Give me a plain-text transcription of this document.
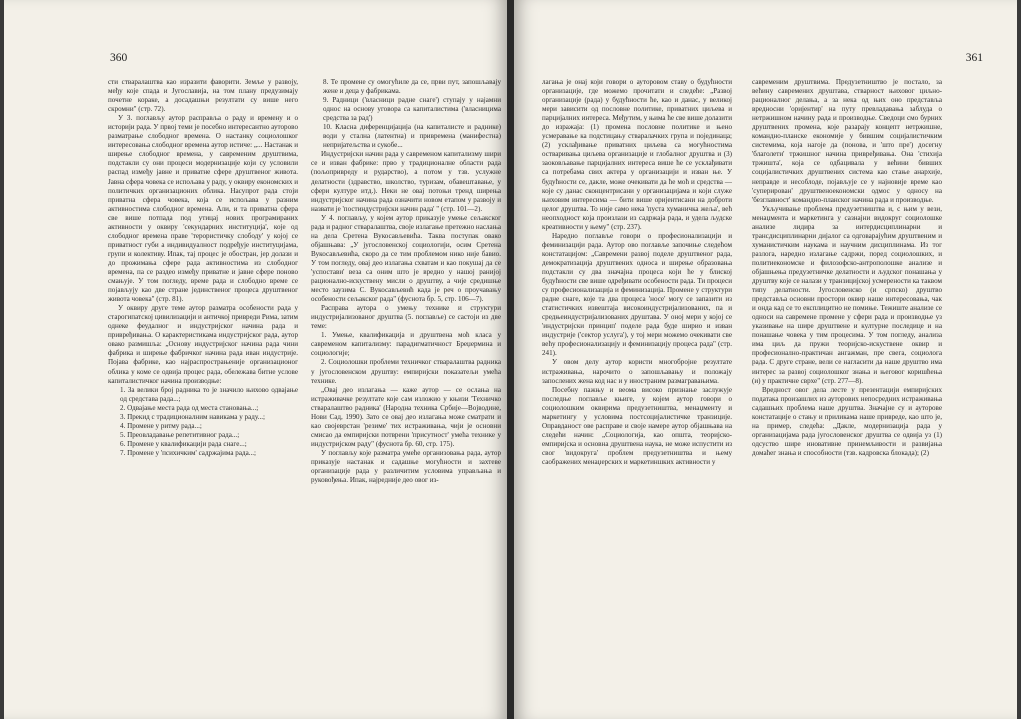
360

сти стваралаштва као изразити фаворити. Земље у развоју, међу које спада и Југославија, на том плану предузимају почетне кораке, а досадашњи резултати су више него скромни" (стр. 72).

У 3. поглављу аутор расправља о раду и времену и о историји рада. У првој теми је посебно интересантно ауторово разматрање слободног времена. О настанку социолошког интересовања слободног времена аутор истиче: „... Настанак и ширење слободног времена, у савременим друштвима, подстакли су они процеси модернизације који су условили распад између јавне и приватне сфере друштвеног живота. Јавна сфера човека се испољава у раду, у оквиру економских и политичких организационих облика. Насупрот рада стоји приватна сфера човека, која се испољава у разним активностима слободног времена. Али, и та приватна сфера све више потпада под утицај нових програмираних активности у оквиру 'секундарних институција', које од слободног времена праве 'терористичку слободу' у којој се приватност губи а индивидуалност подређује институцијама, групи и колективу. Ипак, тај процес је обостран, јер долази и до прожимања сфере рада активностима из слободног времена, па се раздео између приватне и јавне сфере поново смањује. У том погледу, време рада и слободно време се појављују као две стране јединственог процеса друштвеног живота човека" (стр. 81).

У оквиру друге теме аутор разматра особености рада у старогипатској цивилизацији и античкој привреди Рима, затим однеке феудалног и индустријског начина рада и привређивања. О карактеристикама индустријског рада, аутор овако размишља: „Основу индустријског начина рада чини фабрика и ширење фабричког начина рада иван индустрије. Појава фабрике, као најраспрострањеније организационог облика у коме се одвија процес рада, обележава битне услове капиталистичког начина производње:

1. За велики број радника то је значило њихово одвајање од средстава рада...;
2. Одвајање места рада од места становања...;
3. Прекид с традиционалним навикама у раду...;
4. Промене у ритму рада...;
5. Преовладавање репетитивног рада...;
6. Промене у квалификацији рада снаге...;
7. Промене у 'психичким' садржајима рада...;
8. Те промене су омогућиле да се, први пут, запошљавају жене и деца у фабрикама.
9. Радници ('власници радне снаге') ступају у најамни однос на основу уговора са капиталистима ('власницима средства за рад')
10. Класна диференцијација (на капиталисте и раднике) води у стална (латентна) и привремена (манифестна) непријатељства и сукобе...

Индустријски начин рада у савременом капитализму шири се и изван фабрике: прво у традиционалне области рада (пољопривреду и рударство), а потом у тзв. услужне делатности (здравство, школство, туризам, обавештавање, у сфери културе итд.). Неки не овај потоњи тренд ширења индустријског начина рада означити новом етапом у развоју и назвати је 'постиндустријски начин рада' " (стр. 101—2).

У 4. поглављу, у којем аутор приказује умење сељакског рада и радног стваралаштва, своје излагање претежно наслања на дела Сретена Вукосављевића. Таква поступак овако објашњава: „У југословенској социологији, осим Сретена Вукосављевића, скоро да се тим проблемом нико није бавио. У том погледу, овај део излагања схватам и као покушај да се 'успостави' веза са оним што је вредно у нашој ранијој рационално-искуствену мисли о друштву, а чије средишње место заузима С. Вукосављевић када је реч о проучавању особености сељакског рада" (фуснота бр. 5, стр. 106—7).

Расправа аутора о умењу технике и структури индустријализованог друштва (5. поглавље) се састоји из две теме:

1. Умење, квалификација и друштвена моћ класа у савременом капитализму: парадигматичност Бреџермина и социологије;

2. Социолошки проблеми техничког стваралаштва радника у југословенском друштву: емпиријски показатељи умећа технике.

„Овај део излагања — каже аутор — се ослања на истраживачке резултате које сам изложио у књизи 'Техничко стваралаштво радника' (Народна техника Србије—Војводине, Нови Сад, 1990). Зато се овај део излагања може сматрати и као својеврстан 'резиме' тих истраживања, чији је основни смисао да емпиријски потврени 'присутност' умећа технике у индустријском раду" (фуснота бр. 60, стр. 175).

У поглављу које разматра умеће организовања рада, аутор приказује настанак и садашње могућности и захтеве организације рада у различитим условима управљања и руковођења. Ипак, најредније део овог из-

361

лагања је онај који говори о ауторовом ставу о будућности организације, где можемо прочитати и следеће: „Развој организације (рада) у будућности ће, као и данас, у великој мери зависити од пословне политике, приватних циљева и парцијалних интереса. Међутим, у њима ће све више долазити до изражаја: (1) промена пословне политике и њено усмеравање ка подстицању стваралачких група и појединаца; (2) усклађивање приватних циљева са могућностима остваривања циљева организације и глобалног друштва и (3) заоковљавање парцијалних интереса више ће се усклађивати са потребама свих актера у организацији и изван ње. У будућности се, дакле, може очекивати да ће моћ и средства — које су данас сконцентрисани у организацијама и који служе њиховим интересима — бити више оријентисани на доброти целог друштва. То није само нека 'пуста хуманичка жеља', већ неопходност која произлази из садржаја рада, и удела људске креативности у њему" (стр. 237).

Наредно поглавље говори о професионализацији и феминизацији рада. Аутор ово поглавље започиње следећом констатацијом: „Савремени развој поделе друштвеног рада, демократизација друштвених односа и ширење образовања подстакли су два значајна процеса који ће у блиској будућности све више одређивати особености рада. Ти процеси су професионализација и феминизација. Промене у структури радне снаге, које та два процеса 'носе' могу се запазити из статистичких извештаја високоиндустријализованих, па и средњеиндустријализованих друштава. У оној мери у којој се 'индустријски принцип' поделе рада буде ширио и изван индустрије ('сектор услуга'), у тој мери можемо очекивати све већу професионализацију и феминизацију процеса рада" (стр. 241).

У овом делу аутор користи многобројне резултате истраживања, нарочито о запошљавању и положају запослених жена код нас и у иностраним размагравањима.

Посебну пажњу и веома високо признање заслужује последње поглавље књиге, у којем аутор говори о социолошким оквирима предузетништва, менаџменту и маркетингу у условима постсоцијалистичке транзиције. Оправданост ове расправе и своје намере аутор објашњава на следећи начин: „Социологија, као општа, теоријско-емпиријска и основна друштвена наука, не може испустити из свог 'видокруга' проблем предузетништва и њему саображених менаџерских и маркетиншких активности у

савременим друштвима. Предузетништво је постало, за већину савремених друштава, стварност њиховог циљно-рационалног делања, а за нека од њих оно представља вредносни 'оријентир' на путу превладавања заблуда о нетржишном начину рада и производње. Сведоци смо бурних друштвених промена, које разарају концепт нетржишне, командно-планске економије у бившим социјалистичким системима, која нагоје да (понова, и 'што пре') досегну 'благолети' тржишног начина привређивања. Она 'стихија тржишта', која се одбацивала у већини бивших социјалистичких друштвених система као стање анархије, неправде и несоблоде, појављује се у најновије време као 'суперирован' друштвеноекономски одмос у односу на 'безглавност' командно-планског начина рада и производње.

Укључивање проблема предузетништва и, с њим у вези, менаџмента и маркетинга у сазнајни видокруг социолошке анализе лидира за интердисциплинарни и трансдисциплинарни дијалог са одговарајућим друштвеним и хуманистичким наукама и научним дисциплинама. Из тог разлога, наредно излагање садржи, поред социолошких, и политиекономске и филозофско-антрополошке анализе и објашњења предузетничке делатности и људског понашања у друштву које се налази у транзицијској усмерености ка таквом типу делатности. Југословенско (и српско) друштво представља основни простори оквир наше интересовања, чак и онда кад се то експлицитно не помиње. Тежиште анализе се односи на савремене промене у сфери рада и производње уз указивање на шире друштвене и културне последице и на понашање човека у тим процесима. У том погледу, анализа има циљ да пружи теоријско-искуствене оквир и професионално-практичан ангажман, пре свега, социолога рада. С друге стране, вели се нагласити да наше друштво има интерес за развој социолошког знања и његовог коришћења (и) у практичне сврхе" (стр. 277—8).

Вредност овог дела лесте у презентацији емпиријских података произашлих из ауторових непосредних истраживања садашњих проблема наше друштва. Значајне су и ауторове констатације о стању и приликама наше привреде, као што је, на пример, следећа: „Дакле, модернизација рада у организацијама рада југословенског друштва се одвија уз (1) одсуство шире иновативне принемљивости и развијања домаћег знања и способности (тзв. кадровска блокада); (2)
